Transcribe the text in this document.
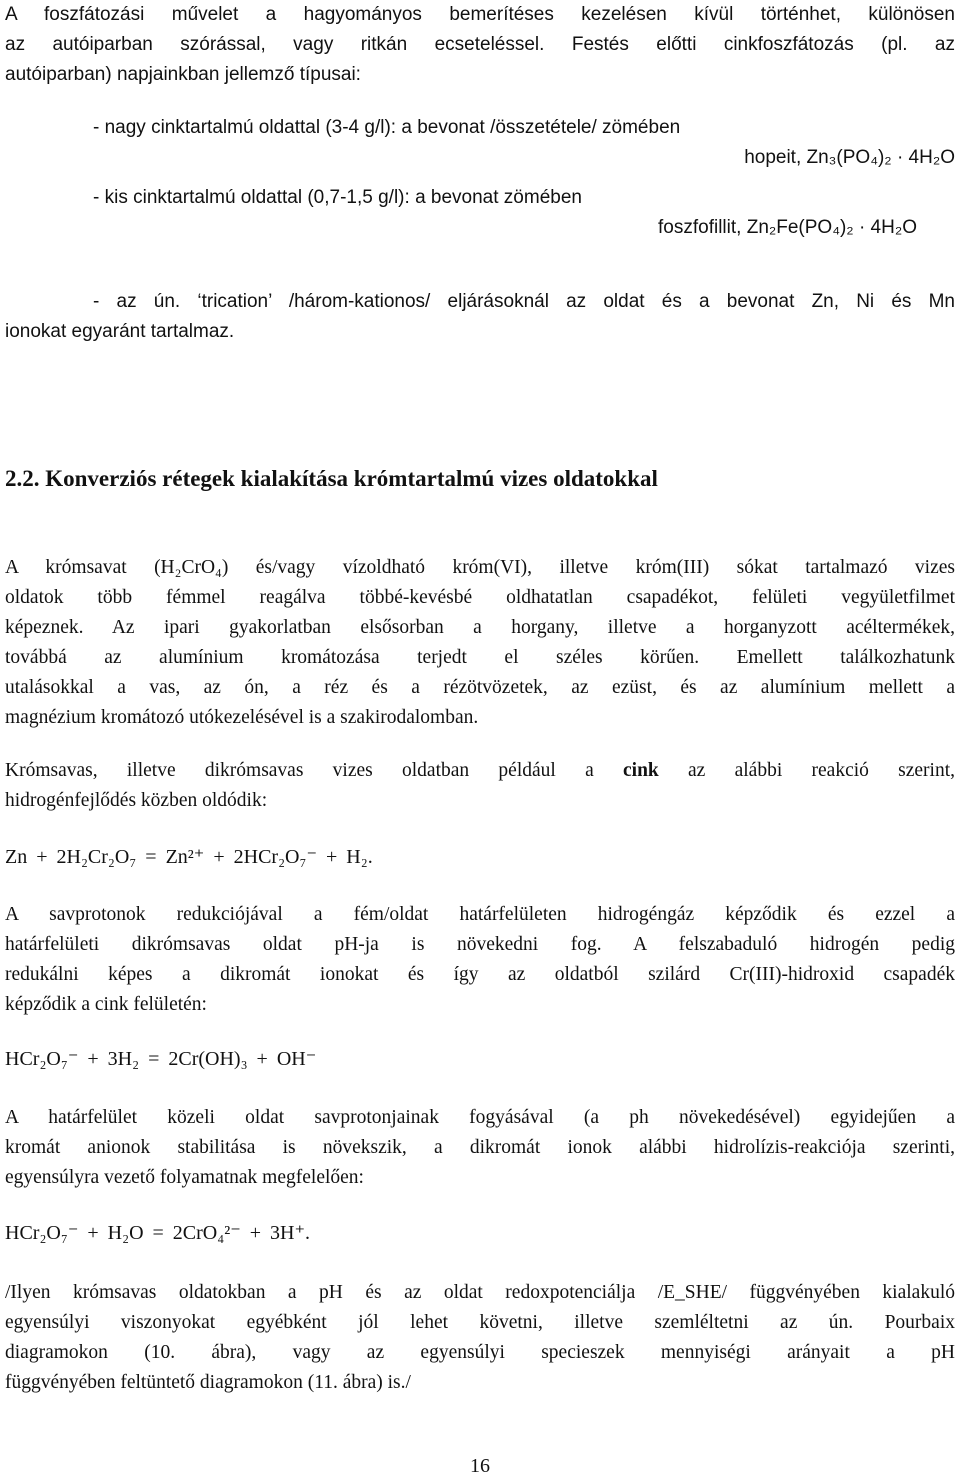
A foszfátozási művelet a hagyományos bemerítéses kezelésen kívül történhet, különösen
az autóiparban szórással, vagy ritkán ecseteléssel. Festés előtti cinkfoszfátozás (pl. az
autóiparban) napjainkban jellemző típusai:
- nagy cinktartalmú oldattal (3-4 g/l): a bevonat /összetétele/ zömében
hopeit, Zn₃(PO₄)₂ · 4H₂O
- kis cinktartalmú oldattal (0,7-1,5 g/l): a bevonat zömében
foszfofillit, Zn₂Fe(PO₄)₂ · 4H₂O
- az ún. ‘trication’ /három-kationos/ eljárásoknál az oldat és a bevonat Zn, Ni és Mn
ionokat egyaránt tartalmaz.
2.2. Konverziós rétegek kialakítása krómtartalmú vizes oldatokkal
A krómsavat (H₂CrO₄) és/vagy vízoldható króm(VI), illetve króm(III) sókat tartalmazó vizes
oldatok több fémmel reagálva többé-kevésbé oldhatatlan csapadékot, felületi vegyületfilmet
képeznek. Az ipari gyakorlatban elsősorban a horgany, illetve a horganyzott acéltermékek,
továbbá az alumínium kromátozása terjedt el széles körűen. Emellett találkozhatunk
utalásokkal a vas, az ón, a réz és a rézötvözetek, az ezüst, és az alumínium mellett a
magnézium kromátozó utókezelésével is a szakirodalomban.
Krómsavas, illetve dikrómsavas vizes oldatban például a cink az alábbi reakció szerint,
hidrogénfejlődés közben oldódik:
Zn + 2H₂Cr₂O₇ = Zn²⁺ + 2HCr₂O₇⁻ + H₂.
A savprotonok redukciójával a fém/oldat határfelületen hidrogéngáz képződik és ezzel a
határfelületi dikrómsavas oldat pH-ja is növekedni fog. A felszabaduló hidrogén pedig
redukálni képes a dikromát ionokat és így az oldatból szilárd Cr(III)-hidroxid csapadék
képződik a cink felületén:
HCr₂O₇⁻ + 3H₂ = 2Cr(OH)₃ + OH⁻
A határfelület közeli oldat savprotonjainak fogyásával (a ph növekedésével) egyidejűen a
kromát anionok stabilitása is növekszik, a dikromát ionok alábbi hidrolízis-reakciója szerinti,
egyensúlyra vezető folyamatnak megfelelően:
HCr₂O₇⁻ + H₂O = 2CrO₄²⁻ + 3H⁺.
/Ilyen krómsavas oldatokban a pH és az oldat redoxpotenciálja /E_SHE/ függvényében kialakuló
egyensúlyi viszonyokat egyébként jól lehet követni, illetve szemléltetni az ún. Pourbaix
diagramokon (10. ábra), vagy az egyensúlyi specieszek mennyiségi arányait a pH
függvényében feltüntető diagramokon (11. ábra) is./
16
